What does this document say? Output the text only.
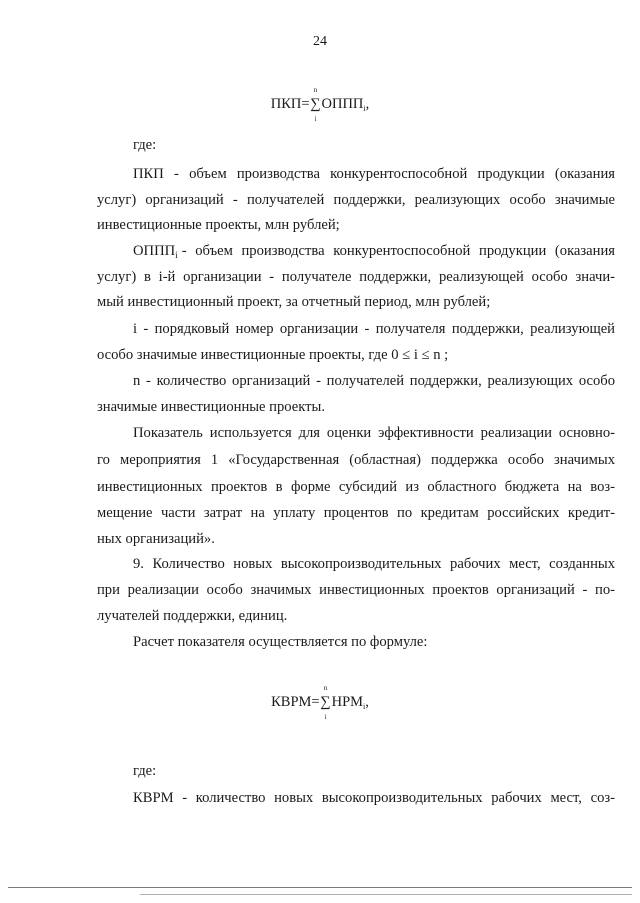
24
ПКП=
n
∑
i
$ОППП_i$,
где:
ПКП - объем производства конкурентоспособной продукции (оказания
услуг) организаций - получателей поддержки, реализующих особо значимые
инвестиционные проекты, млн рублей;
$ОППП_i$ - объем производства конкурентоспособной продукции (оказания
услуг) в i-й организации - получателе поддержки, реализующей особо значи-
мый инвестиционный проект, за отчетный период, млн рублей;
i - порядковый номер организации - получателя поддержки, реализующей
особо значимые инвестиционные проекты, где 0 ≤ i ≤ n ;
n - количество организаций - получателей поддержки, реализующих особо
значимые инвестиционные проекты.
Показатель используется для оценки эффективности реализации основно-
го мероприятия 1 «Государственная (областная) поддержка особо значимых
инвестиционных проектов в форме субсидий из областного бюджета на воз-
мещение части затрат на уплату процентов по кредитам российских кредит-
ных организаций».
9. Количество новых высокопроизводительных рабочих мест, созданных
при реализации особо значимых инвестиционных проектов организаций - по-
лучателей поддержки, единиц.
Расчет показателя осуществляется по формуле:
КВРМ=
n
∑
i
$НРМ_i$,
где:
КВРМ - количество новых высокопроизводительных рабочих мест, соз-
